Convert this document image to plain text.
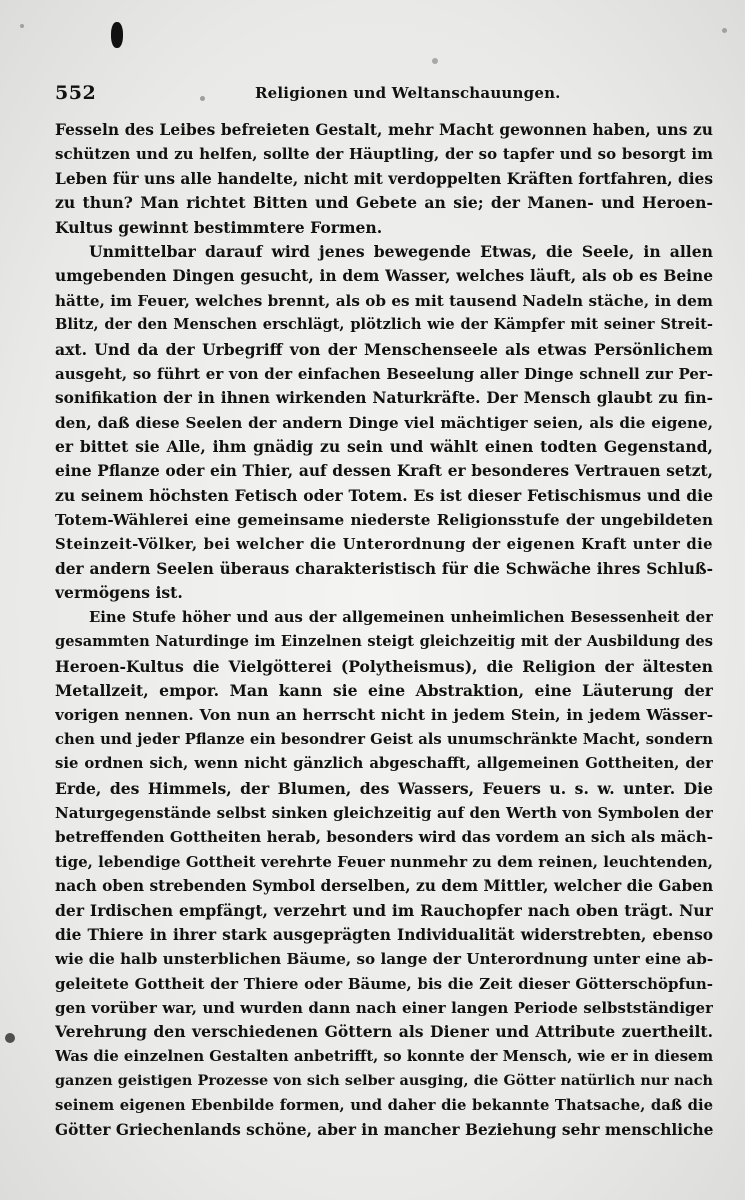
552	Religionen und Weltanschauungen.
Fesseln des Leibes befreieten Gestalt, mehr Macht gewonnen haben, uns zu
schützen und zu helfen, sollte der Häuptling, der so tapfer und so besorgt im
Leben für uns alle handelte, nicht mit verdoppelten Kräften fortfahren, dies
zu thun? Man richtet Bitten und Gebete an sie; der Manen- und Heroen-
Kultus gewinnt bestimmtere Formen.
Unmittelbar darauf wird jenes bewegende Etwas, die Seele, in allen
umgebenden Dingen gesucht, in dem Wasser, welches läuft, als ob es Beine
hätte, im Feuer, welches brennt, als ob es mit tausend Nadeln stäche, in dem
Blitz, der den Menschen erschlägt, plötzlich wie der Kämpfer mit seiner Streit-
axt. Und da der Urbegriff von der Menschenseele als etwas Persönlichem
ausgeht, so führt er von der einfachen Beseelung aller Dinge schnell zur Per-
sonifikation der in ihnen wirkenden Naturkräfte. Der Mensch glaubt zu fin-
den, daß diese Seelen der andern Dinge viel mächtiger seien, als die eigene,
er bittet sie Alle, ihm gnädig zu sein und wählt einen todten Gegenstand,
eine Pflanze oder ein Thier, auf dessen Kraft er besonderes Vertrauen setzt,
zu seinem höchsten Fetisch oder Totem. Es ist dieser Fetischismus und die
Totem-Wählerei eine gemeinsame niederste Religionsstufe der ungebildeten
Steinzeit-Völker, bei welcher die Unterordnung der eigenen Kraft unter die
der andern Seelen überaus charakteristisch für die Schwäche ihres Schluß-
vermögens ist.
Eine Stufe höher und aus der allgemeinen unheimlichen Besessenheit der
gesammten Naturdinge im Einzelnen steigt gleichzeitig mit der Ausbildung des
Heroen-Kultus die Vielgötterei (Polytheismus), die Religion der ältesten
Metallzeit, empor. Man kann sie eine Abstraktion, eine Läuterung der
vorigen nennen. Von nun an herrscht nicht in jedem Stein, in jedem Wässer-
chen und jeder Pflanze ein besondrer Geist als unumschränkte Macht, sondern
sie ordnen sich, wenn nicht gänzlich abgeschafft, allgemeinen Gottheiten, der
Erde, des Himmels, der Blumen, des Wassers, Feuers u. s. w. unter. Die
Naturgegenstände selbst sinken gleichzeitig auf den Werth von Symbolen der
betreffenden Gottheiten herab, besonders wird das vordem an sich als mäch-
tige, lebendige Gottheit verehrte Feuer nunmehr zu dem reinen, leuchtenden,
nach oben strebenden Symbol derselben, zu dem Mittler, welcher die Gaben
der Irdischen empfängt, verzehrt und im Rauchopfer nach oben trägt. Nur
die Thiere in ihrer stark ausgeprägten Individualität widerstrebten, ebenso
wie die halb unsterblichen Bäume, so lange der Unterordnung unter eine ab-
geleitete Gottheit der Thiere oder Bäume, bis die Zeit dieser Götterschöpfun-
gen vorüber war, und wurden dann nach einer langen Periode selbstständiger
Verehrung den verschiedenen Göttern als Diener und Attribute zuertheilt.
Was die einzelnen Gestalten anbetrifft, so konnte der Mensch, wie er in diesem
ganzen geistigen Prozesse von sich selber ausging, die Götter natürlich nur nach
seinem eigenen Ebenbilde formen, und daher die bekannte Thatsache, daß die
Götter Griechenlands schöne, aber in mancher Beziehung sehr menschliche
